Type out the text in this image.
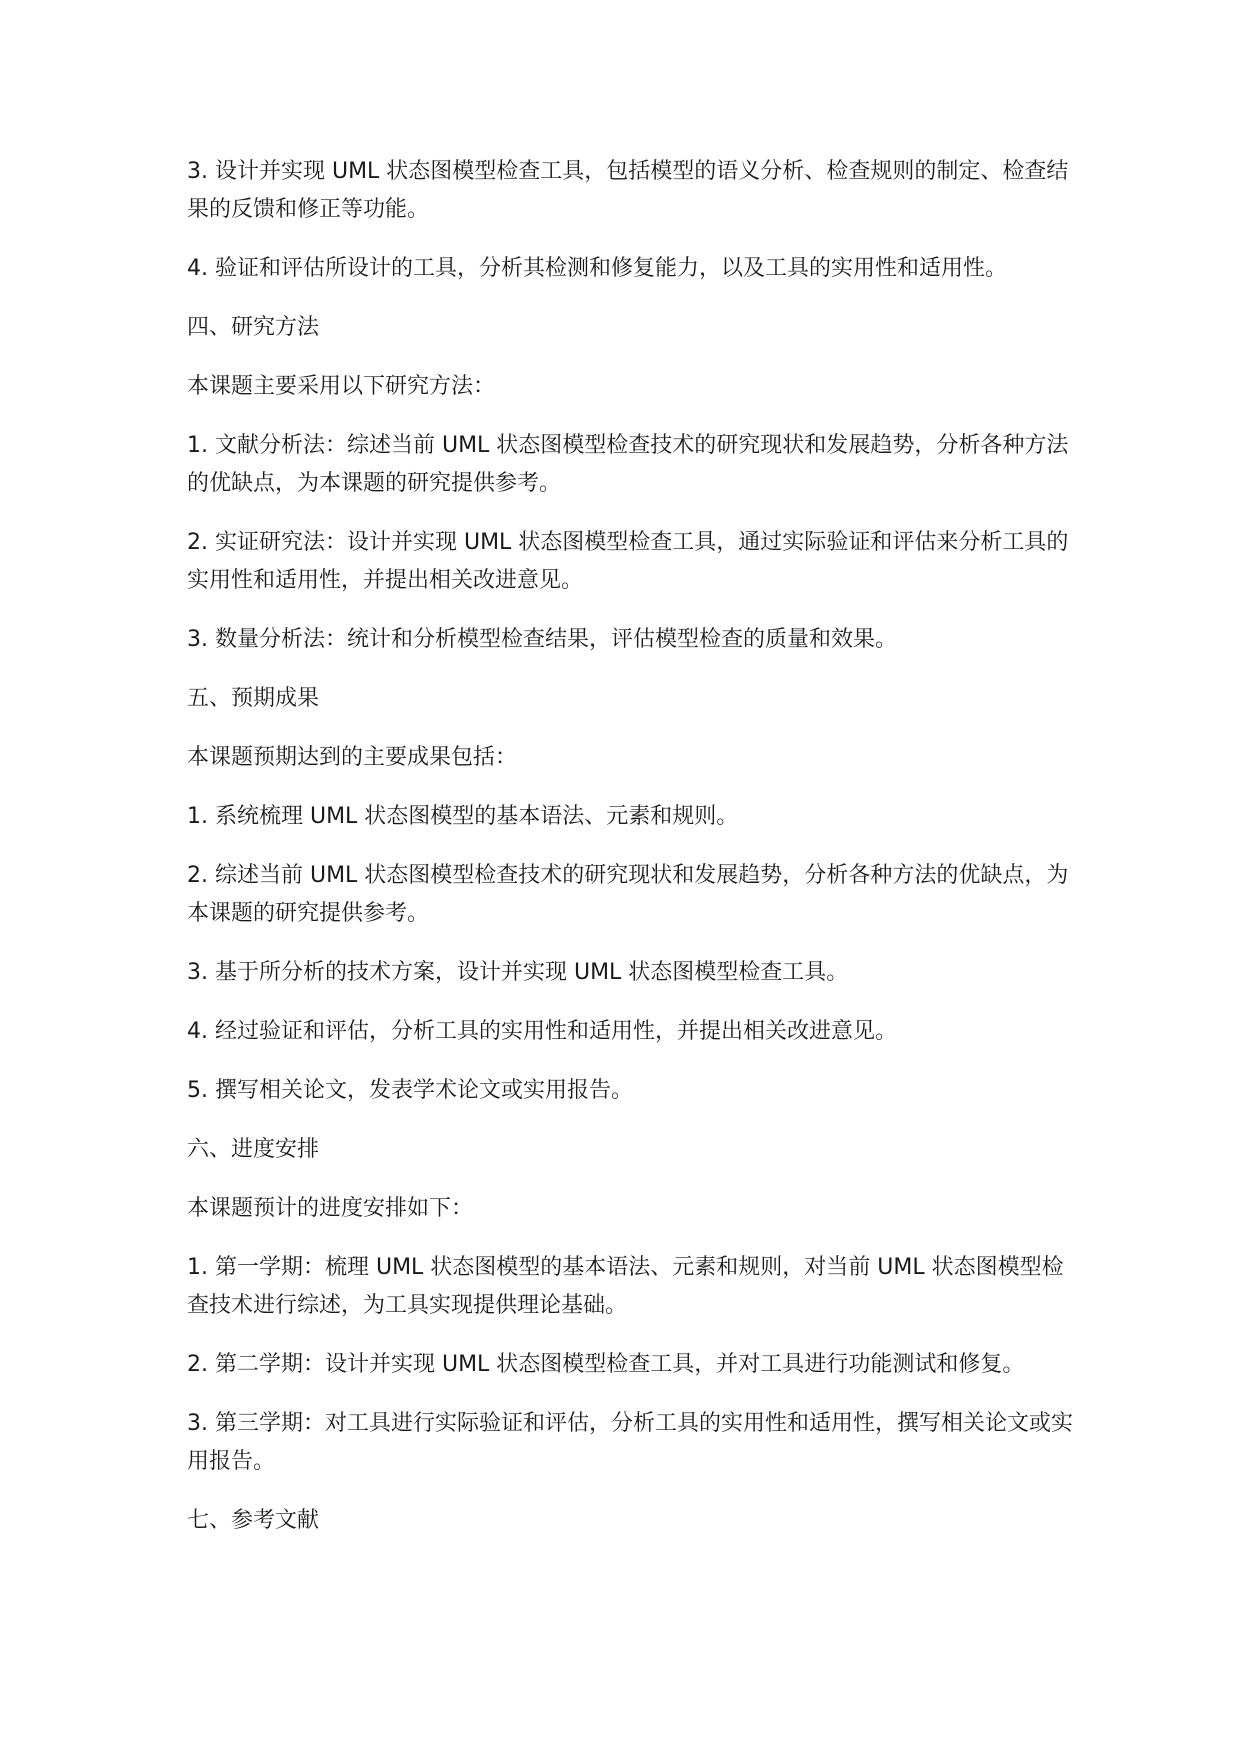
3. 设计并实现 UML 状态图模型检查工具，包括模型的语义分析、检查规则的制定、检查结果的反馈和修正等功能。

4. 验证和评估所设计的工具，分析其检测和修复能力，以及工具的实用性和适用性。

四、研究方法

本课题主要采用以下研究方法：

1. 文献分析法：综述当前 UML 状态图模型检查技术的研究现状和发展趋势，分析各种方法的优缺点，为本课题的研究提供参考。

2. 实证研究法：设计并实现 UML 状态图模型检查工具，通过实际验证和评估来分析工具的实用性和适用性，并提出相关改进意见。

3. 数量分析法：统计和分析模型检查结果，评估模型检查的质量和效果。

五、预期成果

本课题预期达到的主要成果包括：

1. 系统梳理 UML 状态图模型的基本语法、元素和规则。

2. 综述当前 UML 状态图模型检查技术的研究现状和发展趋势，分析各种方法的优缺点，为本课题的研究提供参考。

3. 基于所分析的技术方案，设计并实现 UML 状态图模型检查工具。

4. 经过验证和评估，分析工具的实用性和适用性，并提出相关改进意见。

5. 撰写相关论文，发表学术论文或实用报告。

六、进度安排

本课题预计的进度安排如下：

1. 第一学期：梳理 UML 状态图模型的基本语法、元素和规则，对当前 UML 状态图模型检查技术进行综述，为工具实现提供理论基础。

2. 第二学期：设计并实现 UML 状态图模型检查工具，并对工具进行功能测试和修复。

3. 第三学期：对工具进行实际验证和评估，分析工具的实用性和适用性，撰写相关论文或实用报告。

七、参考文献
